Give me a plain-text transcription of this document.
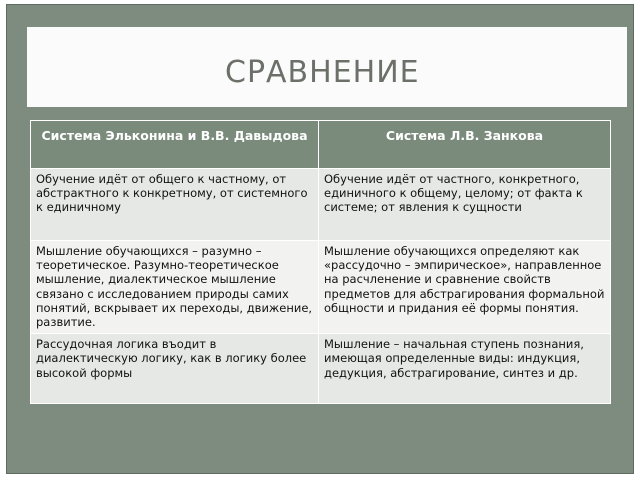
СРАВНЕНИЕ
Система Эльконина и В.В. Давыдова	Система Л.В. Занкова
Обучение идёт от общего к частному, от абстрактного к конкретному, от системного к единичному	Обучение идёт от частного, конкретного, единичного к общему, целому; от факта к системе; от явления к сущности
Мышление обучающихся – разумно – теоретическое. Разумно-теоретическое мышление, диалектическое мышление связано с исследованием природы самих понятий, вскрывает их переходы, движение, развитие.	Мышление обучающихся определяют как «рассудочно – эмпирическое», направленное на расчленение и сравнение свойств предметов для абстрагирования формальной общности и придания её формы понятия.
Рассудочная логика въодит в диалектическую логику, как в логику более высокой формы	Мышление – начальная ступень познания, имеющая определенные виды: индукция, дедукция, абстрагирование, синтез и др.
